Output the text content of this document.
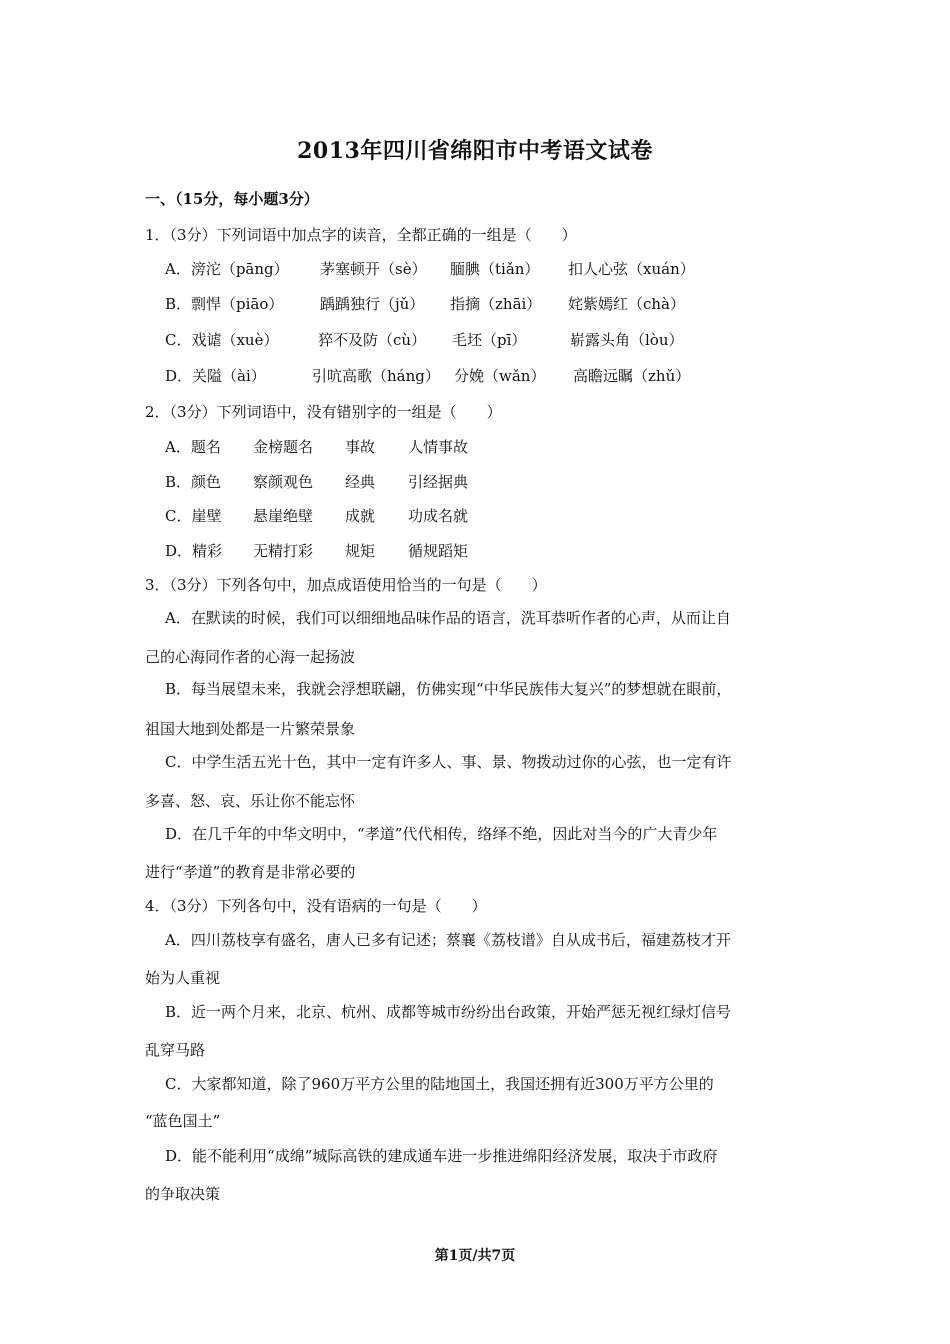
2013年四川省绵阳市中考语文试卷
一、（15分，每小题3分）
1．（3分）下列词语中加点字的读音，全都正确的一组是（　　）
A．滂沱（pāng） 茅塞顿开（sè） 腼腆（tiǎn） 扣人心弦（xuán）
B．剽悍（piāo） 踽踽独行（jǔ） 指摘（zhāi） 姹紫嫣红（chà）
C．戏谑（xuè）	猝不及防（cù） 毛坯（pī）	崭露头角（lòu）
D．关隘（ài）	引吭高歌（háng） 分娩（wǎn） 高瞻远瞩（zhǔ）
2．（3分）下列词语中，没有错别字的一组是（　　）
A．题名 金榜题名 事故 人情事故
B．颜色 察颜观色 经典 引经据典
C．崖壁 悬崖绝壁 成就 功成名就
D．精彩 无精打彩 规矩 循规蹈矩
3．（3分）下列各句中，加点成语使用恰当的一句是（　　）
A．在默读的时候，我们可以细细地品味作品的语言，洗耳恭听作者的心声，从而让自
己的心海同作者的心海一起扬波
B．每当展望未来，我就会浮想联翩，仿佛实现“中华民族伟大复兴”的梦想就在眼前，
祖国大地到处都是一片繁荣景象
C．中学生活五光十色，其中一定有许多人、事、景、物拨动过你的心弦，也一定有许
多喜、怒、哀、乐让你不能忘怀
D．在几千年的中华文明中，“孝道”代代相传，络绎不绝，因此对当今的广大青少年
进行“孝道”的教育是非常必要的
4．（3分）下列各句中，没有语病的一句是（　　）
A．四川荔枝享有盛名，唐人已多有记述；蔡襄《荔枝谱》自从成书后，福建荔枝才开
始为人重视
B．近一两个月来，北京、杭州、成都等城市纷纷出台政策，开始严惩无视红绿灯信号
乱穿马路
C．大家都知道，除了960万平方公里的陆地国土，我国还拥有近300万平方公里的
“蓝色国土”
D．能不能利用“成绵”城际高铁的建成通车进一步推进绵阳经济发展，取决于市政府
的争取决策
第1页/共7页
